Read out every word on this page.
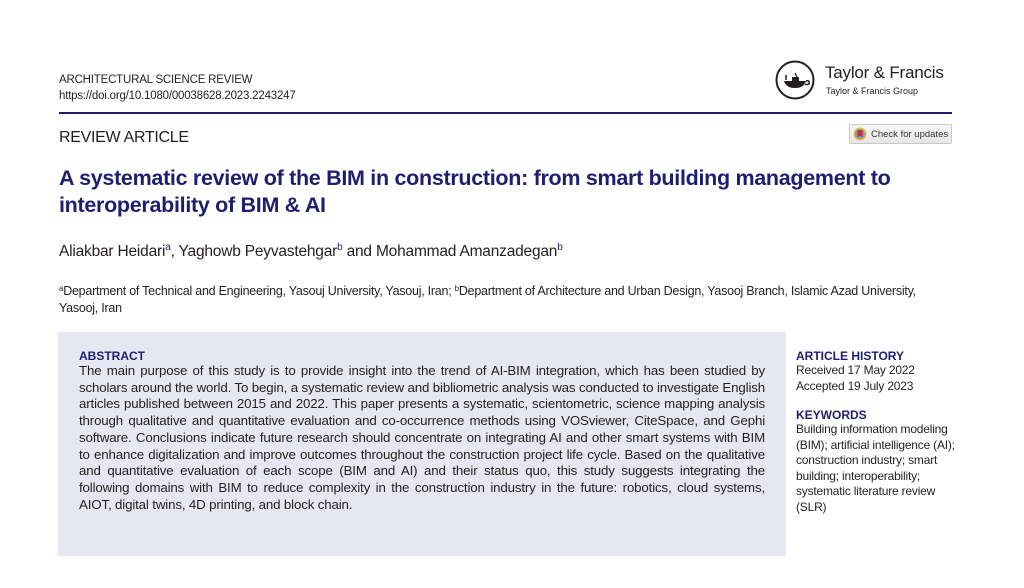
ARCHITECTURAL SCIENCE REVIEW
https://doi.org/10.1080/00038628.2023.2243247
Taylor & Francis
Taylor & Francis Group
Check for updates
REVIEW ARTICLE
A systematic review of the BIM in construction: from smart building management to
interoperability of BIM & AI
Aliakbar Heidari$^a$, Yaghowb Peyvastehgar$^b$ and Mohammad Amanzadegan$^b$
$^a$Department of Technical and Engineering, Yasouj University, Yasouj, Iran; $^b$Department of Architecture and Urban Design, Yasooj Branch, Islamic Azad University, Yasooj, Iran
ABSTRACT
The main purpose of this study is to provide insight into the trend of AI-BIM integration, which has been studied by scholars around the world. To begin, a systematic review and bibliometric analysis was conducted to investigate English articles published between 2015 and 2022. This paper presents a systematic, scientometric, science mapping analysis through qualitative and quantitative evaluation and co-occurrence methods using VOSviewer, CiteSpace, and Gephi software. Conclusions indicate future research should concentrate on integrating AI and other smart systems with BIM to enhance digitalization and improve outcomes throughout the construction project life cycle. Based on the qualitative and quantitative evaluation of each scope (BIM and AI) and their status quo, this study suggests integrating the following domains with BIM to reduce complexity in the construction industry in the future: robotics, cloud systems, AIOT, digital twins, 4D printing, and block chain.
ARTICLE HISTORY
Received 17 May 2022
Accepted 19 July 2023
KEYWORDS
Building information modeling (BIM); artificial intelligence (AI); construction industry; smart building; interoperability; systematic literature review (SLR)
